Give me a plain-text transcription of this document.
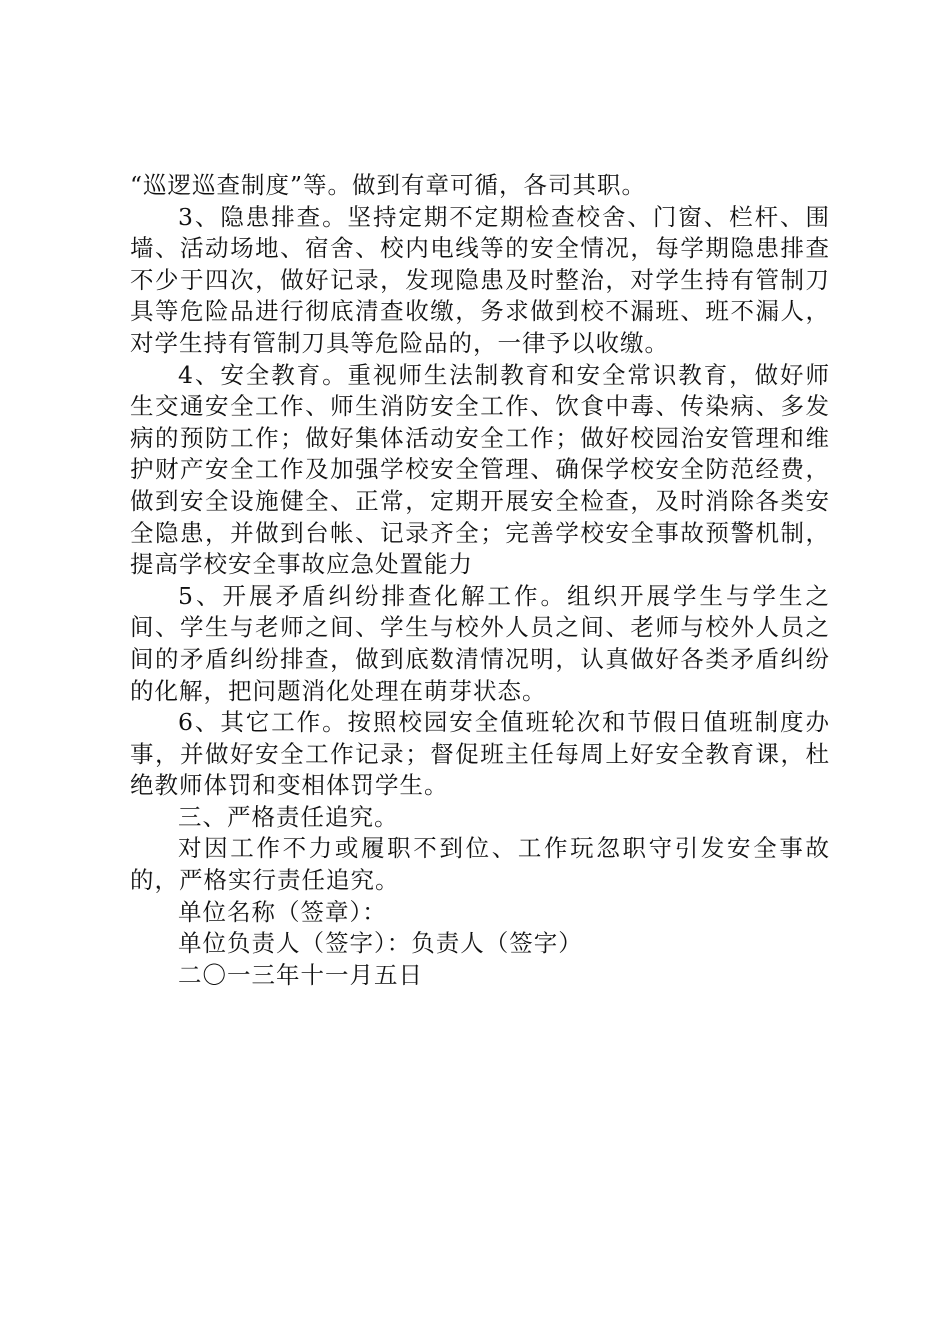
“巡逻巡查制度”等。做到有章可循，各司其职。

3、隐患排查。坚持定期不定期检查校舍、门窗、栏杆、围墙、活动场地、宿舍、校内电线等的安全情况，每学期隐患排查不少于四次，做好记录，发现隐患及时整治，对学生持有管制刀具等危险品进行彻底清查收缴，务求做到校不漏班、班不漏人，对学生持有管制刀具等危险品的，一律予以收缴。

4、安全教育。重视师生法制教育和安全常识教育，做好师生交通安全工作、师生消防安全工作、饮食中毒、传染病、多发病的预防工作；做好集体活动安全工作；做好校园治安管理和维护财产安全工作及加强学校安全管理、确保学校安全防范经费，做到安全设施健全、正常，定期开展安全检查，及时消除各类安全隐患，并做到台帐、记录齐全；完善学校安全事故预警机制，提高学校安全事故应急处置能力

5、开展矛盾纠纷排查化解工作。组织开展学生与学生之间、学生与老师之间、学生与校外人员之间、老师与校外人员之间的矛盾纠纷排查，做到底数清情况明，认真做好各类矛盾纠纷的化解，把问题消化处理在萌芽状态。

6、其它工作。按照校园安全值班轮次和节假日值班制度办事，并做好安全工作记录；督促班主任每周上好安全教育课，杜绝教师体罚和变相体罚学生。

三、严格责任追究。

对因工作不力或履职不到位、工作玩忽职守引发安全事故的，严格实行责任追究。

单位名称（签章）：

单位负责人（签字）：负责人（签字）

二〇一三年十一月五日
